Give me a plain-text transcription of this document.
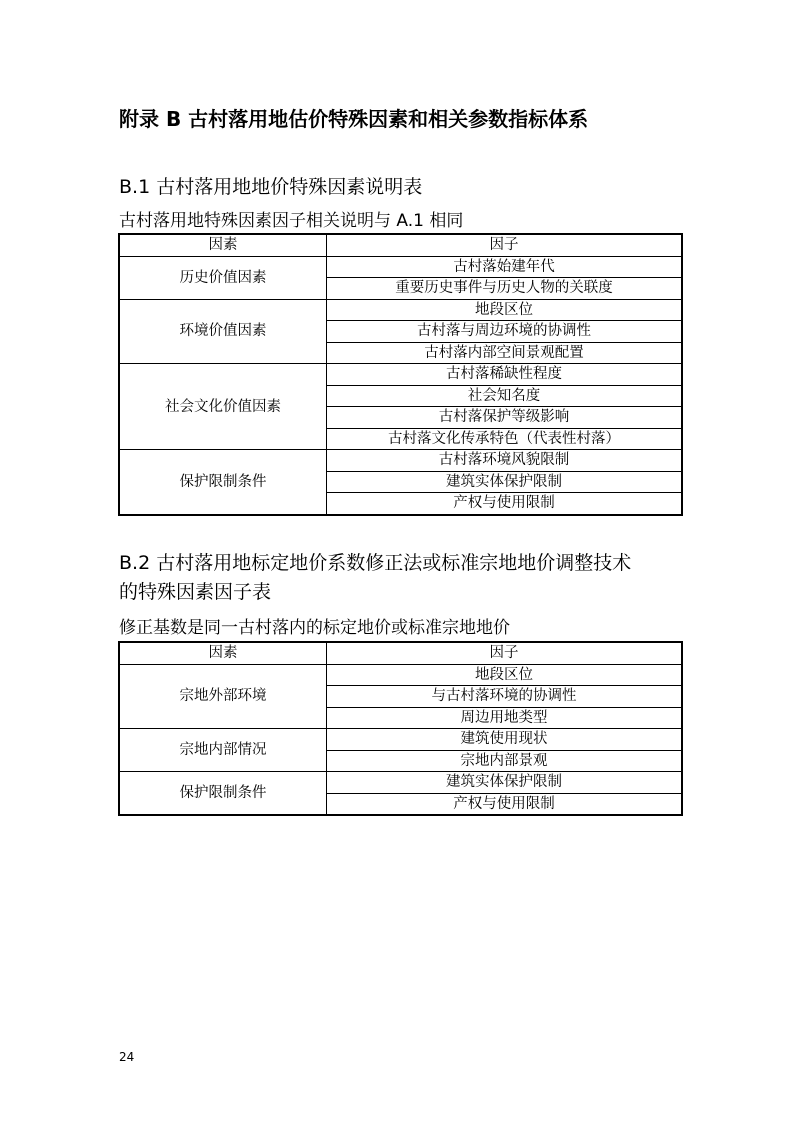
附录 B 古村落用地估价特殊因素和相关参数指标体系
B.1 古村落用地地价特殊因素说明表
古村落用地特殊因素因子相关说明与 A.1 相同
因素	因子
历史价值因素	古村落始建年代
	重要历史事件与历史人物的关联度
环境价值因素	地段区位
	古村落与周边环境的协调性
	古村落内部空间景观配置
社会文化价值因素	古村落稀缺性程度
	社会知名度
	古村落保护等级影响
	古村落文化传承特色（代表性村落）
保护限制条件	古村落环境风貌限制
	建筑实体保护限制
	产权与使用限制
B.2 古村落用地标定地价系数修正法或标准宗地地价调整技术
的特殊因素因子表
修正基数是同一古村落内的标定地价或标准宗地地价
因素	因子
宗地外部环境	地段区位
	与古村落环境的协调性
	周边用地类型
宗地内部情况	建筑使用现状
	宗地内部景观
保护限制条件	建筑实体保护限制
	产权与使用限制
24
